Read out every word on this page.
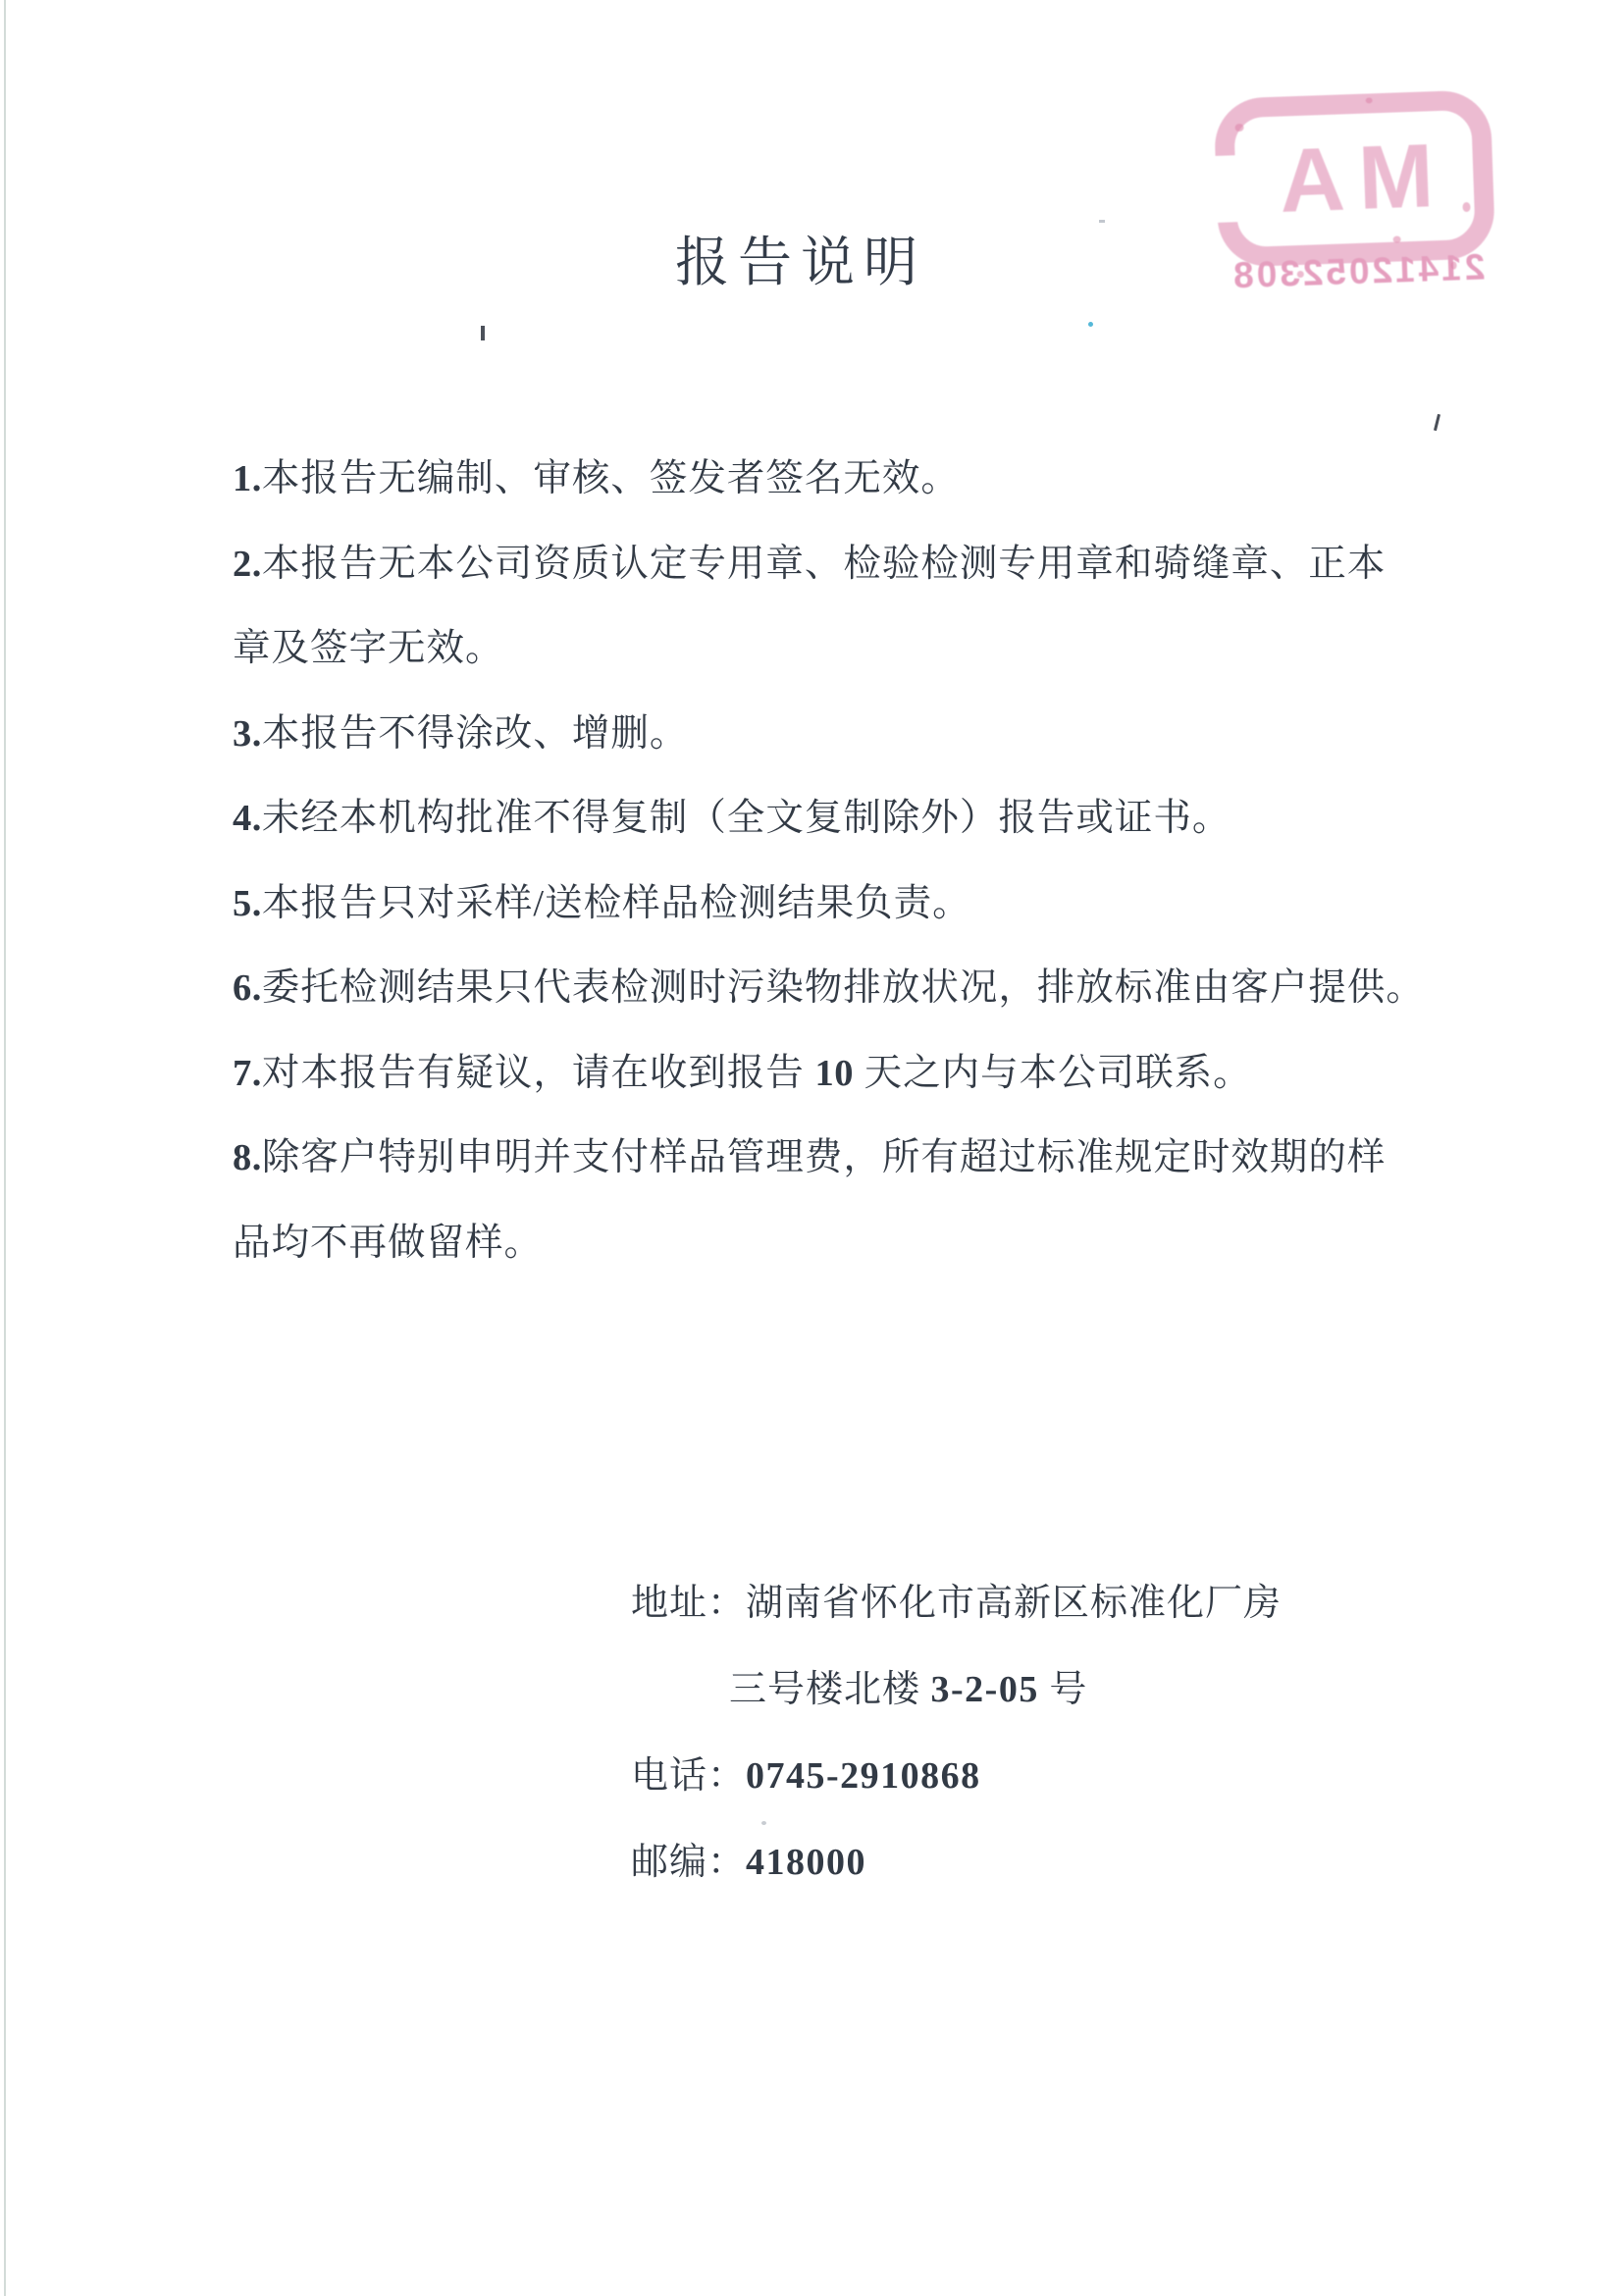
MA
21412052308
报告说明
1. 本报告无编制、审核、签发者签名无效。
2. 本报告无本公司资质认定专用章、检验检测专用章和骑缝章、正本
章及签字无效。
3. 本报告不得涂改、增删。
4. 未经本机构批准不得复制（全文复制除外）报告或证书。
5. 本报告只对采样/送检样品检测结果负责。
6. 委托检测结果只代表检测时污染物排放状况，排放标准由客户提供。
7. 对本报告有疑议，请在收到报告 10 天之内与本公司联系。
8. 除客户特别申明并支付样品管理费，所有超过标准规定时效期的样
品均不再做留样。
地址：湖南省怀化市高新区标准化厂房
三号楼北楼 3-2-05 号
电话： 0745-2910868
邮编： 418000
